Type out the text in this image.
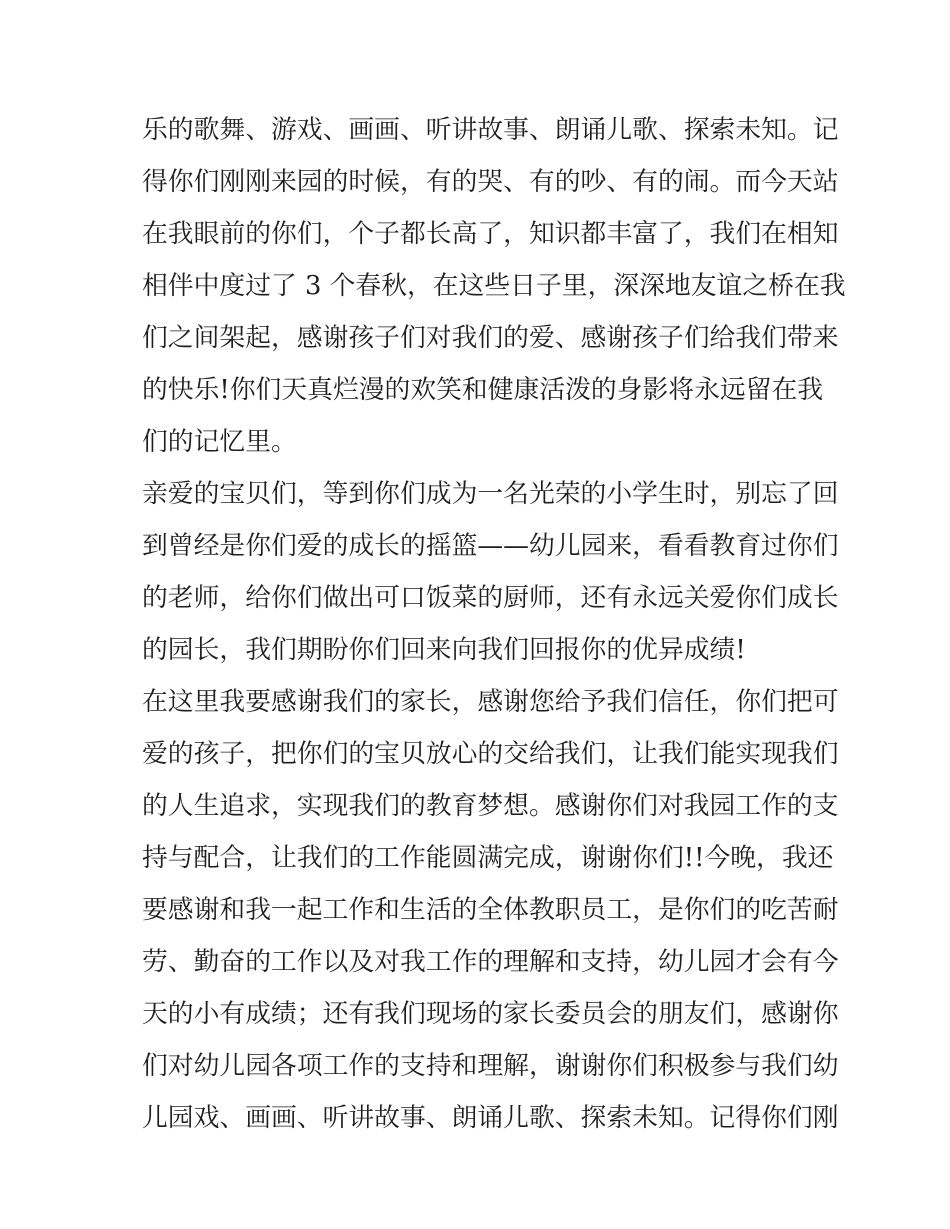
乐的歌舞、游戏、画画、听讲故事、朗诵儿歌、探索未知。记
得你们刚刚来园的时候，有的哭、有的吵、有的闹。而今天站
在我眼前的你们，个子都长高了，知识都丰富了，我们在相知
相伴中度过了 3 个春秋，在这些日子里，深深地友谊之桥在我
们之间架起，感谢孩子们对我们的爱、感谢孩子们给我们带来
的快乐!你们天真烂漫的欢笑和健康活泼的身影将永远留在我
们的记忆里。
亲爱的宝贝们，等到你们成为一名光荣的小学生时，别忘了回
到曾经是你们爱的成长的摇篮——幼儿园来，看看教育过你们
的老师，给你们做出可口饭菜的厨师，还有永远关爱你们成长
的园长，我们期盼你们回来向我们回报你的优异成绩!
在这里我要感谢我们的家长，感谢您给予我们信任，你们把可
爱的孩子，把你们的宝贝放心的交给我们，让我们能实现我们
的人生追求，实现我们的教育梦想。感谢你们对我园工作的支
持与配合，让我们的工作能圆满完成，谢谢你们!!今晚，我还
要感谢和我一起工作和生活的全体教职员工，是你们的吃苦耐
劳、勤奋的工作以及对我工作的理解和支持，幼儿园才会有今
天的小有成绩；还有我们现场的家长委员会的朋友们，感谢你
们对幼儿园各项工作的支持和理解，谢谢你们积极参与我们幼
儿园戏、画画、听讲故事、朗诵儿歌、探索未知。记得你们刚
